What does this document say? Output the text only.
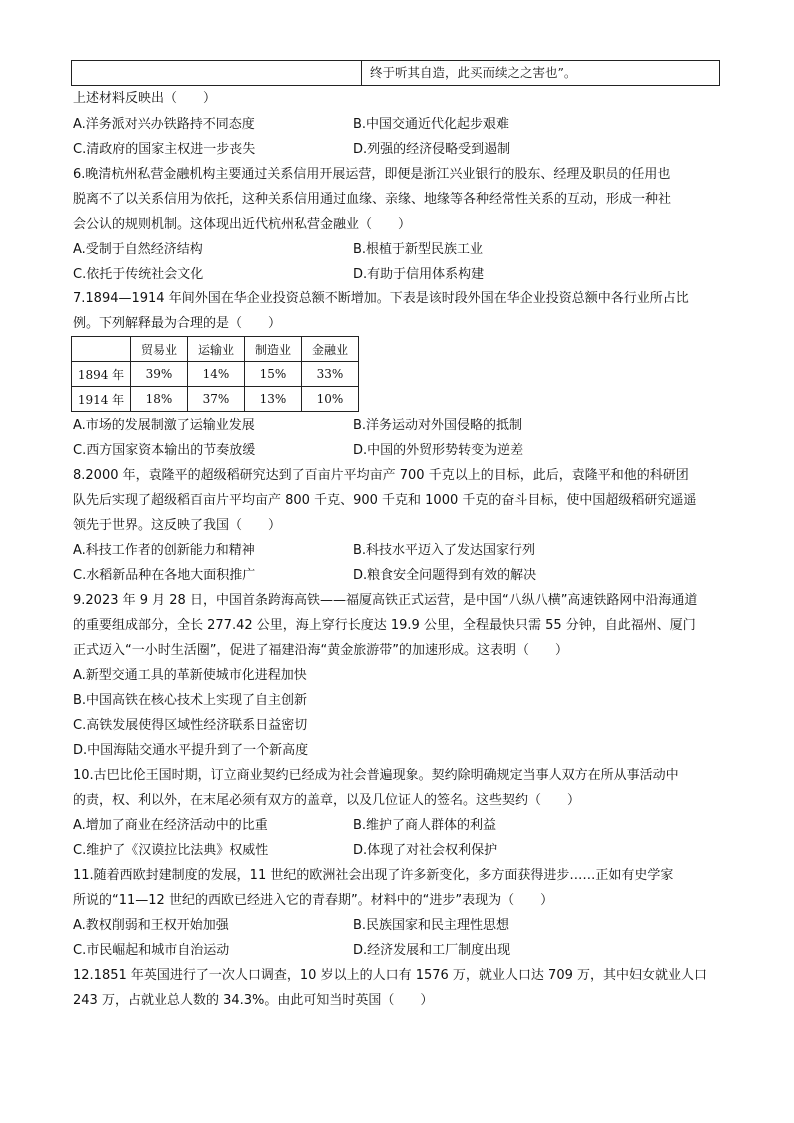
终于听其自造，此买而续之之害也”。
上述材料反映出（　　）
A.洋务派对兴办铁路持不同态度	B.中国交通近代化起步艰难
C.清政府的国家主权进一步丧失	D.列强的经济侵略受到遏制
6.晚清杭州私营金融机构主要通过关系信用开展运营，即便是浙江兴业银行的股东、经理及职员的任用也
脱离不了以关系信用为依托，这种关系信用通过血缘、亲缘、地缘等各种经常性关系的互动，形成一种社
会公认的规则机制。这体现出近代杭州私营金融业（　　）
A.受制于自然经济结构	B.根植于新型民族工业
C.依托于传统社会文化	D.有助于信用体系构建
7.1894—1914 年间外国在华企业投资总额不断增加。下表是该时段外国在华企业投资总额中各行业所占比
例。下列解释最为合理的是（　　）
	贸易业	运输业	制造业	金融业
1894 年	39%	14%	15%	33%
1914 年	18%	37%	13%	10%
A.市场的发展制激了运输业发展	B.洋务运动对外国侵略的抵制
C.西方国家资本输出的节奏放缓	D.中国的外贸形势转变为逆差
8.2000 年，袁隆平的超级稻研究达到了百亩片平均亩产 700 千克以上的目标，此后，袁隆平和他的科研团
队先后实现了超级稻百亩片平均亩产 800 千克、900 千克和 1000 千克的奋斗目标，使中国超级稻研究遥遥
领先于世界。这反映了我国（　　）
A.科技工作者的创新能力和精神	B.科技水平迈入了发达国家行列
C.水稻新品种在各地大面积推广	D.粮食安全问题得到有效的解决
9.2023 年 9 月 28 日，中国首条跨海高铁——福厦高铁正式运营，是中国“八纵八横”高速铁路网中沿海通道
的重要组成部分，全长 277.42 公里，海上穿行长度达 19.9 公里，全程最快只需 55 分钟，自此福州、厦门
正式迈入“一小时生活圈”，促进了福建沿海“黄金旅游带”的加速形成。这表明（　　）
A.新型交通工具的革新使城市化进程加快
B.中国高铁在核心技术上实现了自主创新
C.高铁发展使得区域性经济联系日益密切
D.中国海陆交通水平提升到了一个新高度
10.古巴比伦王国时期，订立商业契约已经成为社会普遍现象。契约除明确规定当事人双方在所从事活动中
的责，权、利以外，在末尾必须有双方的盖章，以及几位证人的签名。这些契约（　　）
A.增加了商业在经济活动中的比重	B.维护了商人群体的利益
C.维护了《汉谟拉比法典》权威性	D.体现了对社会权利保护
11.随着西欧封建制度的发展，11 世纪的欧洲社会出现了许多新变化，多方面获得进步……正如有史学家
所说的“11—12 世纪的西欧已经进入它的青春期”。材料中的“进步”表现为（　　）
A.教权削弱和王权开始加强	B.民族国家和民主理性思想
C.市民崛起和城市自治运动	D.经济发展和工厂制度出现
12.1851 年英国进行了一次人口调查，10 岁以上的人口有 1576 万，就业人口达 709 万，其中妇女就业人口
243 万，占就业总人数的 34.3%。由此可知当时英国（　　）
